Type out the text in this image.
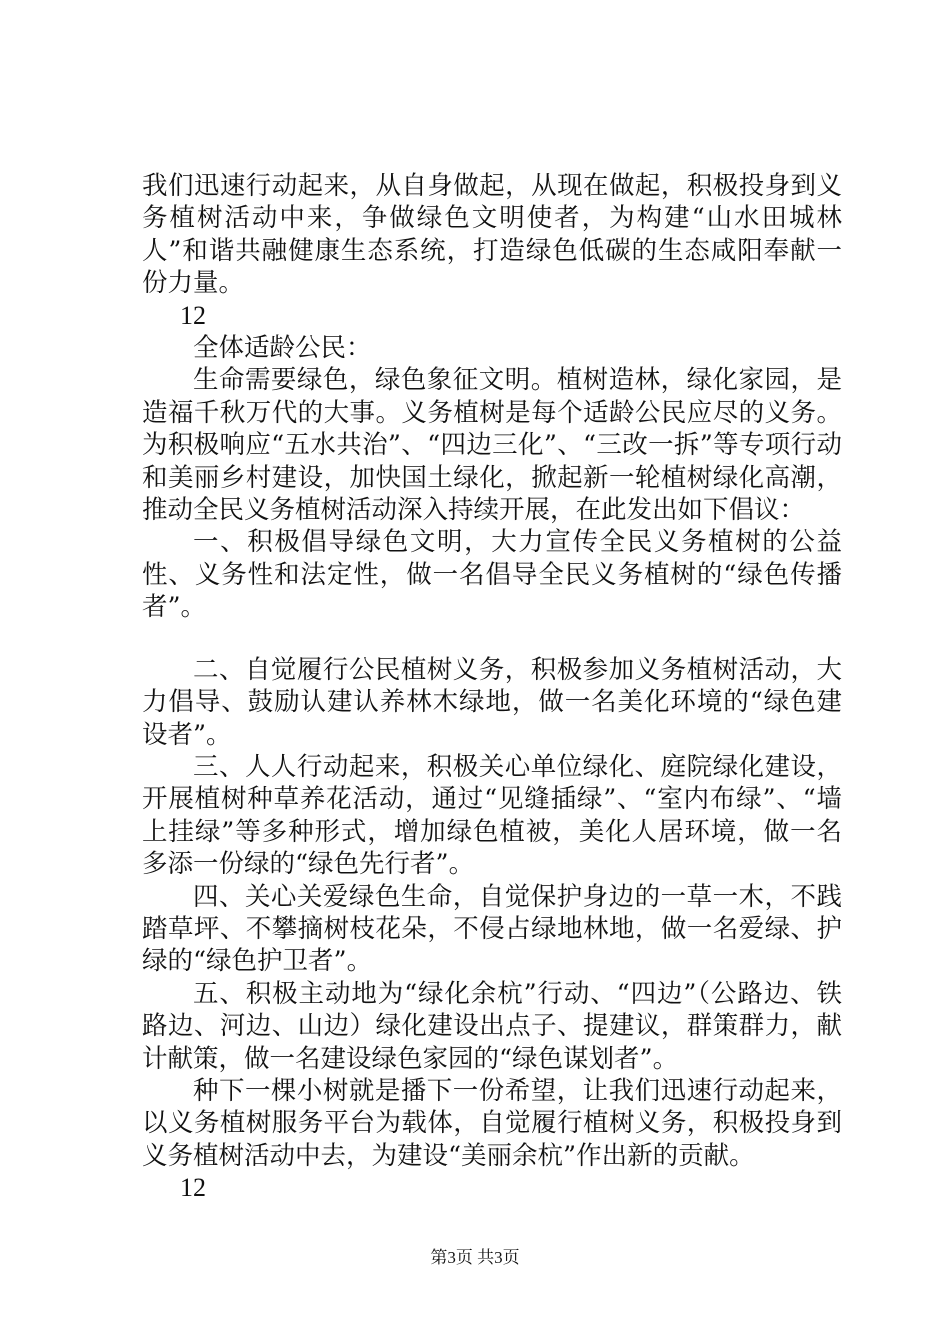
我们迅速行动起来，从自身做起，从现在做起，积极投身到义务植树活动中来，争做绿色文明使者，为构建“山水田城林人”和谐共融健康生态系统，打造绿色低碳的生态咸阳奉献一份力量。

12

全体适龄公民：

生命需要绿色，绿色象征文明。植树造林，绿化家园，是造福千秋万代的大事。义务植树是每个适龄公民应尽的义务。为积极响应“五水共治”、“四边三化”、“三改一拆”等专项行动和美丽乡村建设，加快国土绿化，掀起新一轮植树绿化高潮，推动全民义务植树活动深入持续开展，在此发出如下倡议：

一、积极倡导绿色文明，大力宣传全民义务植树的公益性、义务性和法定性，做一名倡导全民义务植树的“绿色传播者”。

二、自觉履行公民植树义务，积极参加义务植树活动，大力倡导、鼓励认建认养林木绿地，做一名美化环境的“绿色建设者”。

三、人人行动起来，积极关心单位绿化、庭院绿化建设，开展植树种草养花活动，通过“见缝插绿”、“室内布绿”、“墙上挂绿”等多种形式，增加绿色植被，美化人居环境，做一名多添一份绿的“绿色先行者”。

四、关心关爱绿色生命，自觉保护身边的一草一木，不践踏草坪、不攀摘树枝花朵，不侵占绿地林地，做一名爱绿、护绿的“绿色护卫者”。

五、积极主动地为“绿化余杭”行动、“四边”（公路边、铁路边、河边、山边）绿化建设出点子、提建议，群策群力，献计献策，做一名建设绿色家园的“绿色谋划者”。

种下一棵小树就是播下一份希望，让我们迅速行动起来，以义务植树服务平台为载体，自觉履行植树义务，积极投身到义务植树活动中去，为建设“美丽余杭”作出新的贡献。

12

第3页 共3页
